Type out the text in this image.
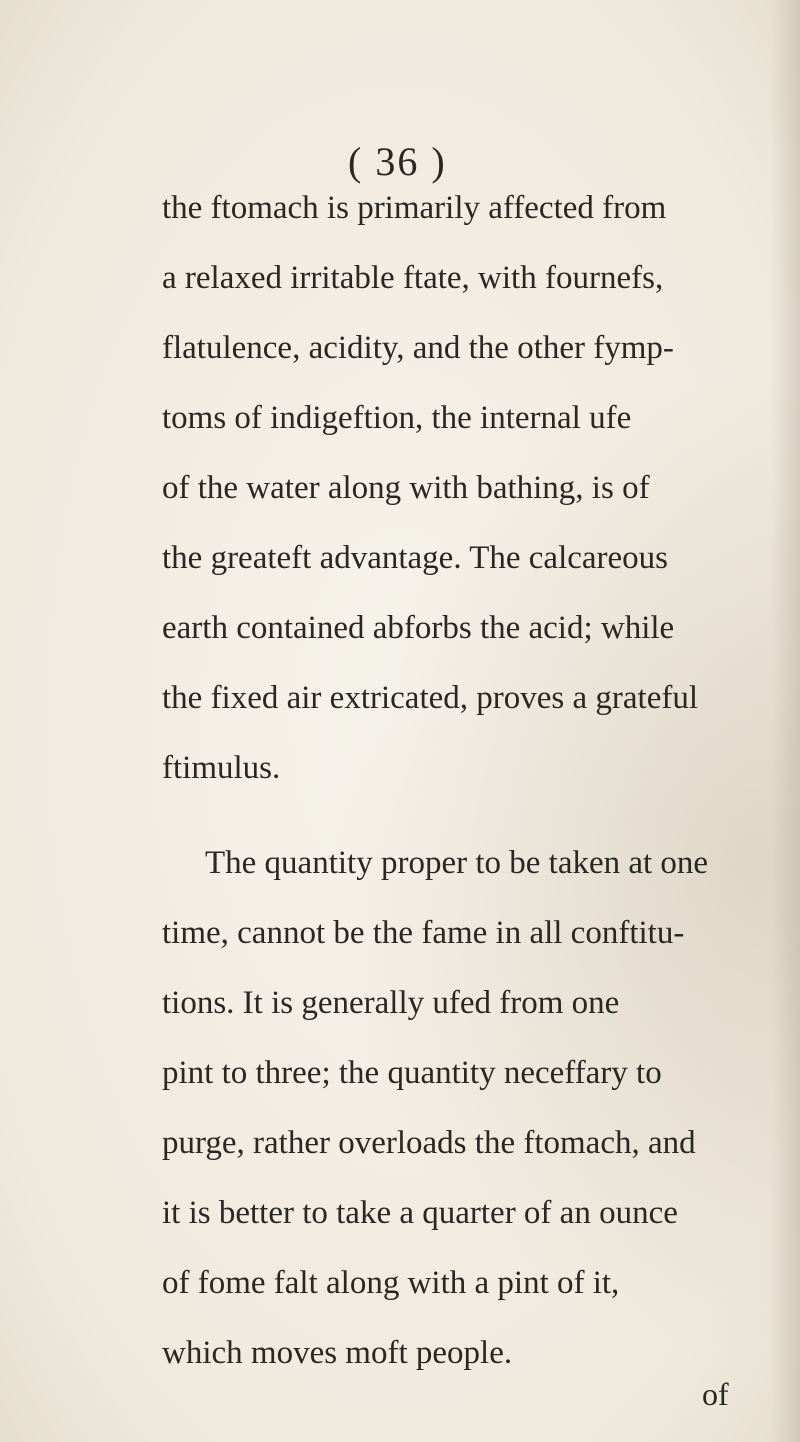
( 36 )
the ftomach is primarily affected from
a relaxed irritable ftate, with fournefs,
flatulence, acidity, and the other fymp-
toms of indigeftion, the internal ufe
of the water along with bathing, is of
the greateft advantage. The calcareous
earth contained abforbs the acid; while
the fixed air extricated, proves a grateful
ftimulus.
The quantity proper to be taken at one
time, cannot be the fame in all conftitu-
tions. It is generally ufed from one
pint to three; the quantity neceffary to
purge, rather overloads the ftomach, and
it is better to take a quarter of an ounce
of fome falt along with a pint of it,
which moves moft people.
of
